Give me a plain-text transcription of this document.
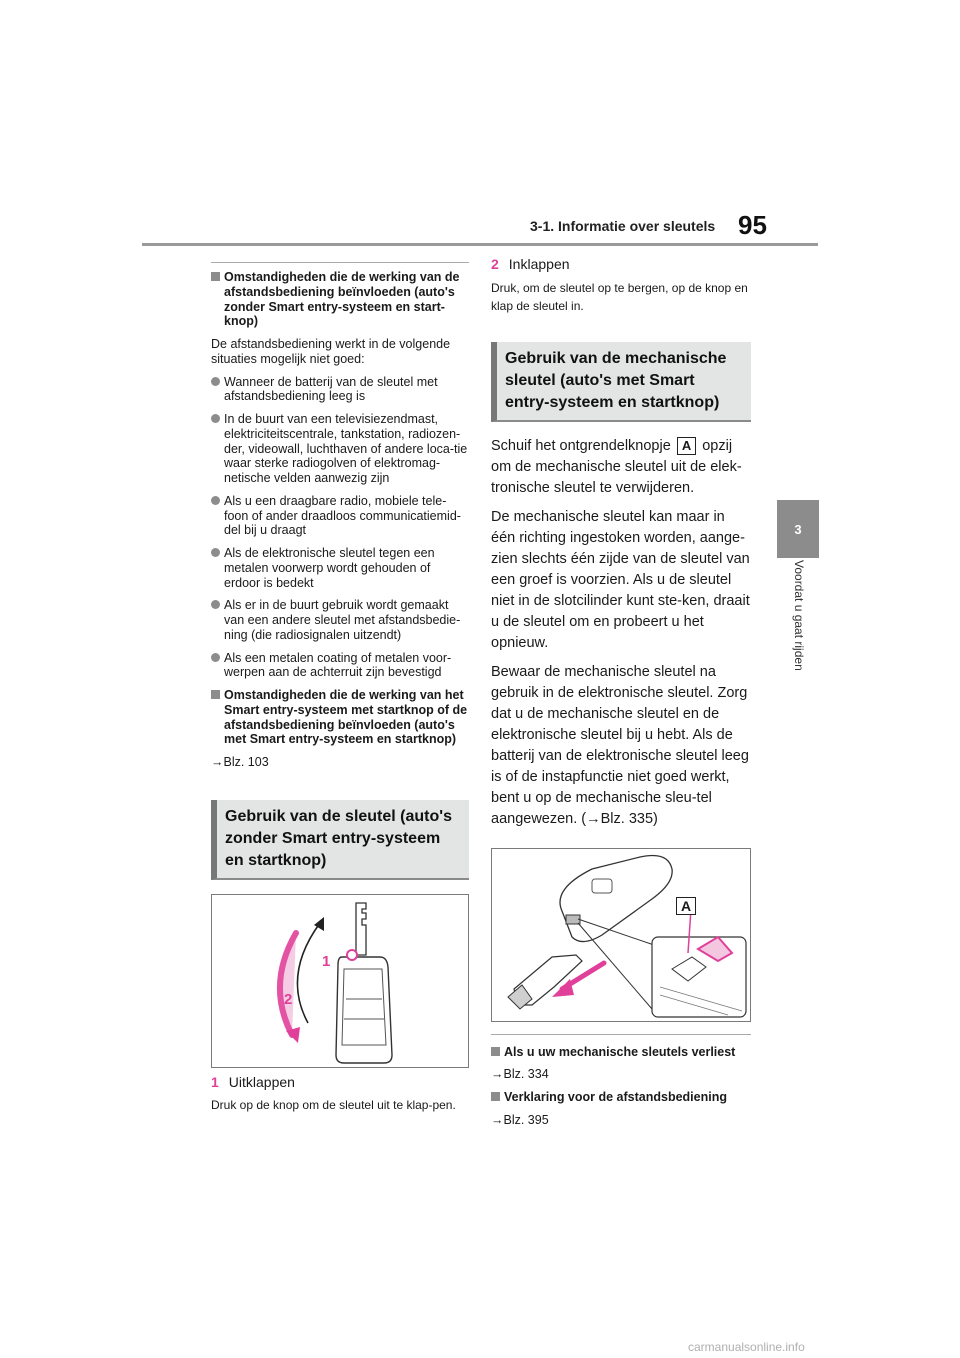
3-1. Informatie over sleutels 95
3
Voordat u gaat rijden
Omstandigheden die de werking van de afstandsbediening beïnvloeden (auto's zonder Smart entry-systeem en start-knop)
De afstandsbediening werkt in de volgende situaties mogelijk niet goed:
Wanneer de batterij van de sleutel met afstandsbediening leeg is
In de buurt van een televisiezendmast, elektriciteitscentrale, tankstation, radiozen-der, videowall, luchthaven of andere loca-tie waar sterke radiogolven of elektromag-netische velden aanwezig zijn
Als u een draagbare radio, mobiele tele-foon of ander draadloos communicatiemid-del bij u draagt
Als de elektronische sleutel tegen een metalen voorwerp wordt gehouden of erdoor is bedekt
Als er in de buurt gebruik wordt gemaakt van een andere sleutel met afstandsbedie-ning (die radiosignalen uitzendt)
Als een metalen coating of metalen voor-werpen aan de achterruit zijn bevestigd
Omstandigheden die de werking van het Smart entry-systeem met startknop of de afstandsbediening beïnvloeden (auto's met Smart entry-systeem en startknop)
→Blz. 103
Gebruik van de sleutel (auto's zonder Smart entry-systeem en startknop)
1
2
1 Uitklappen
Druk op de knop om de sleutel uit te klap-pen.
2 Inklappen
Druk, om de sleutel op te bergen, op de knop en klap de sleutel in.
Gebruik van de mechanische sleutel (auto's met Smart entry-systeem en startknop)
Schuif het ontgrendelknopje A opzij om de mechanische sleutel uit de elek-tronische sleutel te verwijderen.
De mechanische sleutel kan maar in één richting ingestoken worden, aange-zien slechts één zijde van de sleutel van een groef is voorzien. Als u de sleutel niet in de slotcilinder kunt ste-ken, draait u de sleutel om en probeert u het opnieuw.
Bewaar de mechanische sleutel na gebruik in de elektronische sleutel. Zorg dat u de mechanische sleutel en de elektronische sleutel bij u hebt. Als de batterij van de elektronische sleutel leeg is of de instapfunctie niet goed werkt, bent u op de mechanische sleu-tel aangewezen. (→Blz. 335)
A
Als u uw mechanische sleutels verliest
→Blz. 334
Verklaring voor de afstandsbediening
→Blz. 395
carmanualsonline.info
